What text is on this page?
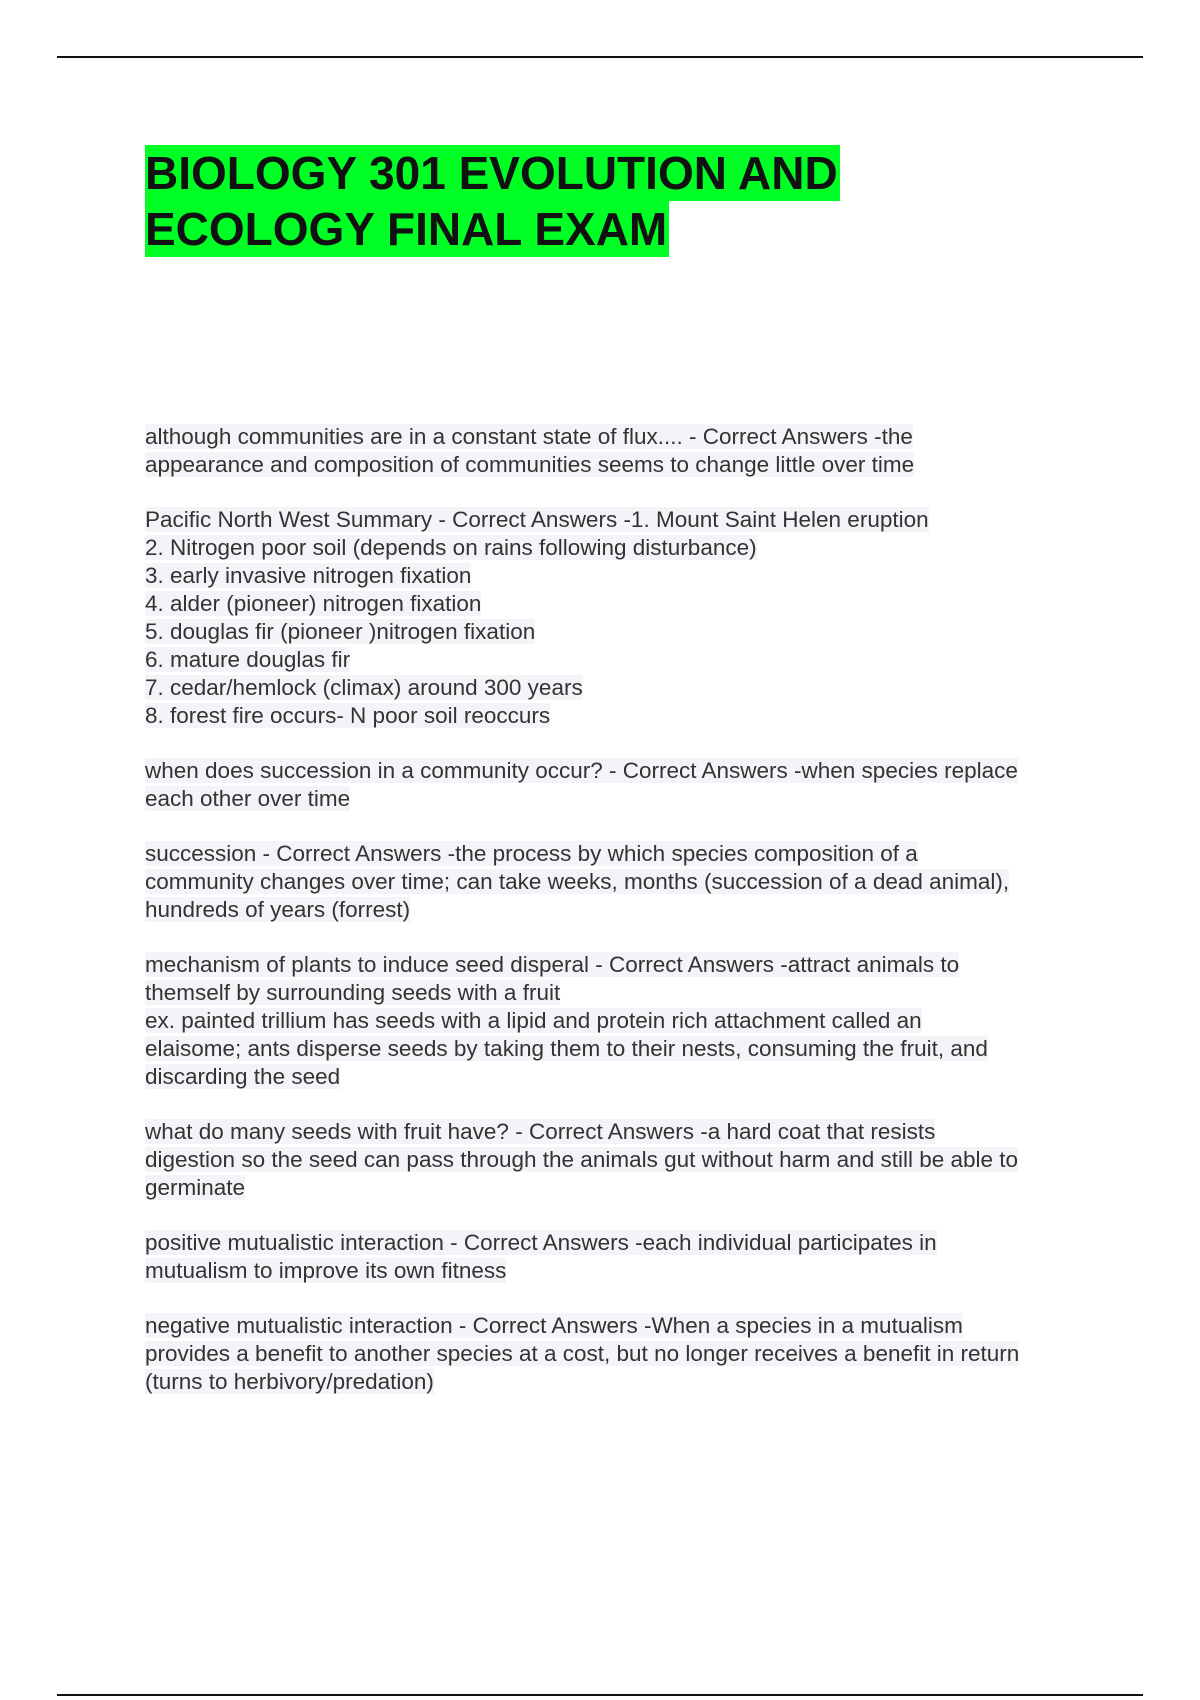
BIOLOGY 301 EVOLUTION AND
ECOLOGY FINAL EXAM
although communities are in a constant state of flux.... - Correct Answers -the
appearance and composition of communities seems to change little over time
Pacific North West Summary - Correct Answers -1. Mount Saint Helen eruption
2. Nitrogen poor soil (depends on rains following disturbance)
3. early invasive nitrogen fixation
4. alder (pioneer) nitrogen fixation
5. douglas fir (pioneer )nitrogen fixation
6. mature douglas fir
7. cedar/hemlock (climax) around 300 years
8. forest fire occurs- N poor soil reoccurs
when does succession in a community occur? - Correct Answers -when species replace
each other over time
succession - Correct Answers -the process by which species composition of a
community changes over time; can take weeks, months (succession of a dead animal),
hundreds of years (forrest)
mechanism of plants to induce seed disperal - Correct Answers -attract animals to
themself by surrounding seeds with a fruit
ex. painted trillium has seeds with a lipid and protein rich attachment called an
elaisome; ants disperse seeds by taking them to their nests, consuming the fruit, and
discarding the seed
what do many seeds with fruit have? - Correct Answers -a hard coat that resists
digestion so the seed can pass through the animals gut without harm and still be able to
germinate
positive mutualistic interaction - Correct Answers -each individual participates in
mutualism to improve its own fitness
negative mutualistic interaction - Correct Answers -When a species in a mutualism
provides a benefit to another species at a cost, but no longer receives a benefit in return
(turns to herbivory/predation)
